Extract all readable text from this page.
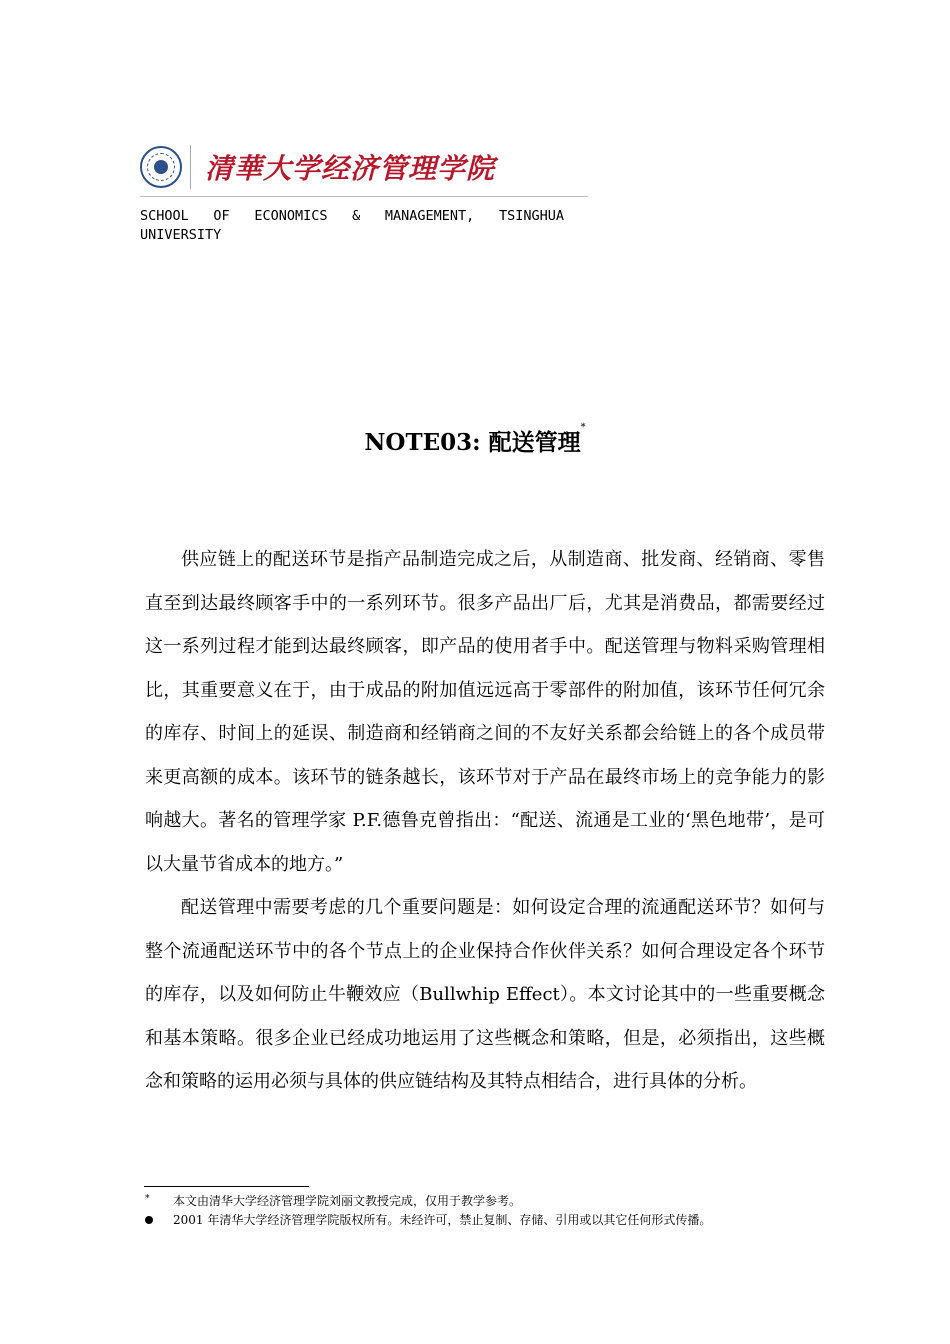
清華大学经济管理学院
SCHOOL OF ECONOMICS & MANAGEMENT, TSINGHUA UNIVERSITY
NOTE03: 配送管理*

供应链上的配送环节是指产品制造完成之后，从制造商、批发商、经销商、零售直至到达最终顾客手中的一系列环节。很多产品出厂后，尤其是消费品，都需要经过这一系列过程才能到达最终顾客，即产品的使用者手中。配送管理与物料采购管理相比，其重要意义在于，由于成品的附加值远远高于零部件的附加值，该环节任何冗余的库存、时间上的延误、制造商和经销商之间的不友好关系都会给链上的各个成员带来更高额的成本。该环节的链条越长，该环节对于产品在最终市场上的竞争能力的影响越大。著名的管理学家 P.F.德鲁克曾指出：“配送、流通是工业的‘黑色地带’，是可以大量节省成本的地方。”

配送管理中需要考虑的几个重要问题是：如何设定合理的流通配送环节？如何与整个流通配送环节中的各个节点上的企业保持合作伙伴关系？如何合理设定各个环节的库存，以及如何防止牛鞭效应（Bullwhip Effect）。本文讨论其中的一些重要概念和基本策略。很多企业已经成功地运用了这些概念和策略，但是，必须指出，这些概念和策略的运用必须与具体的供应链结构及其特点相结合，进行具体的分析。

*	本文由清华大学经济管理学院刘丽文教授完成，仅用于教学参考。
2001 年清华大学经济管理学院版权所有。未经许可，禁止复制、存储、引用或以其它任何形式传播。
